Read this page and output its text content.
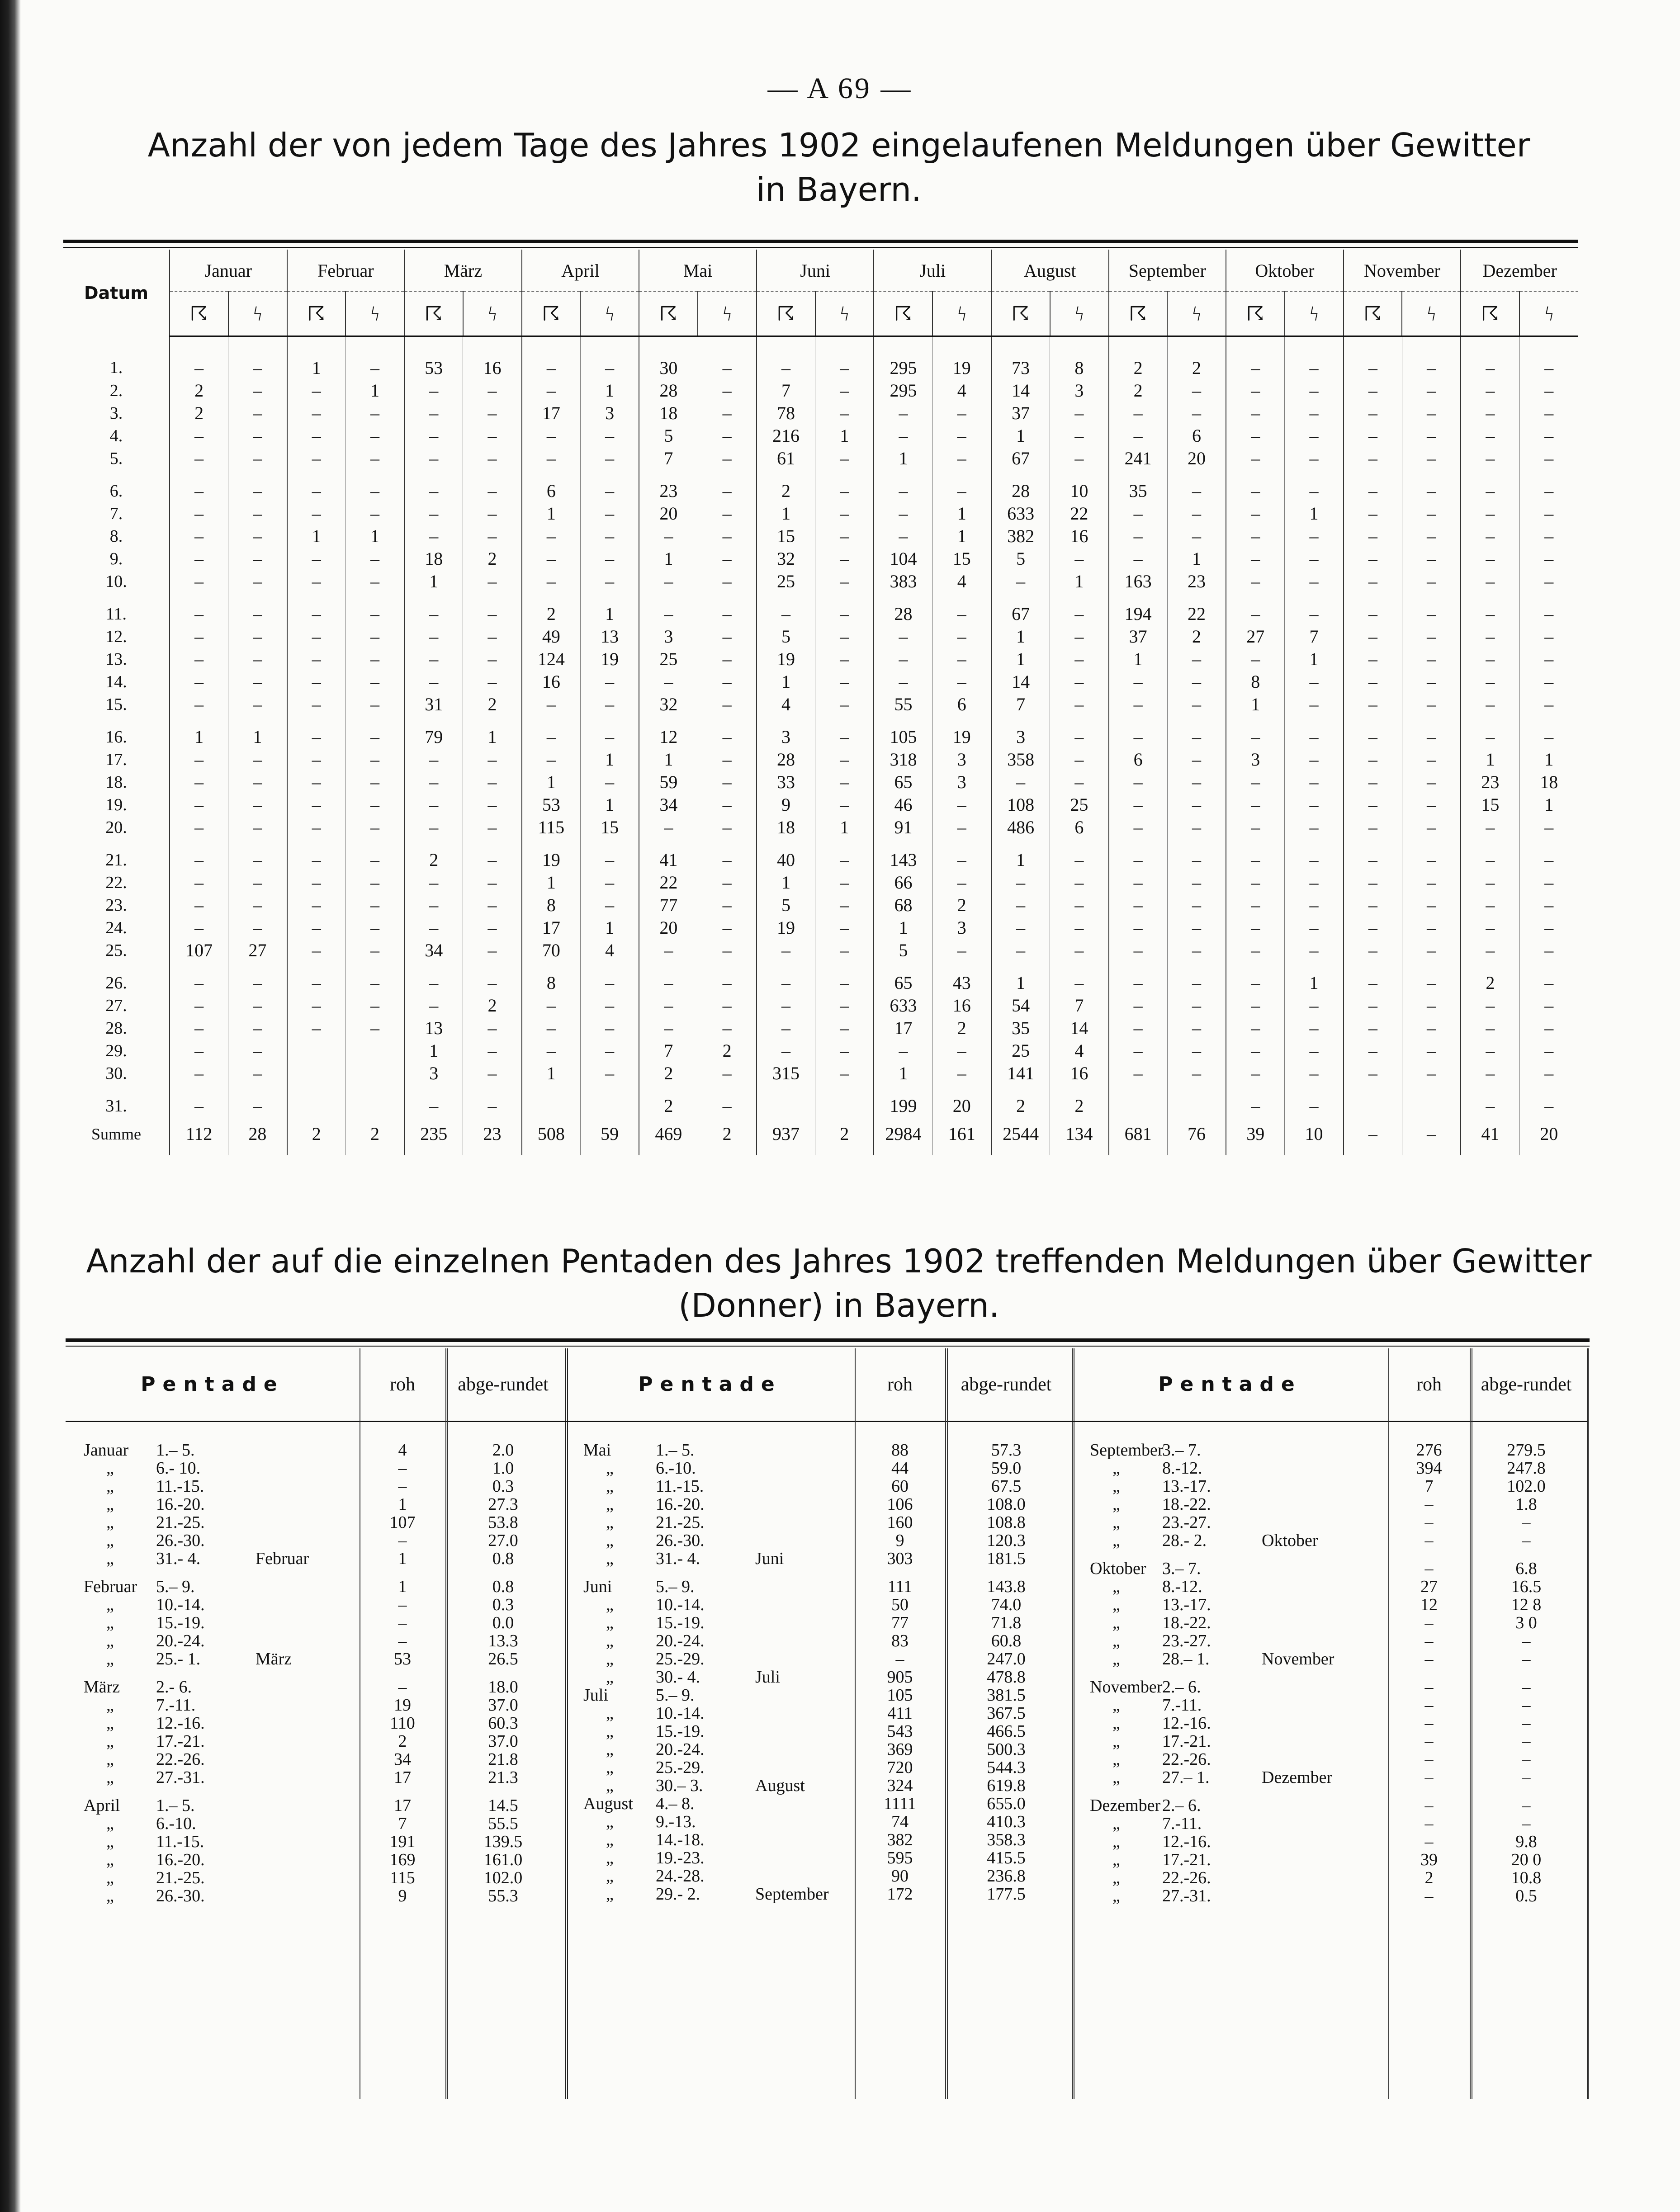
— A 69 —
Anzahl der von jedem Tage des Jahres 1902 eingelaufenen Meldungen über Gewitter
in Bayern.
Datum	Januar		Februar		März		April		Mai		Juni		Juli		August		September		Oktober		November		Dezember	
	☈	ϟ	☈	ϟ	☈	ϟ	☈	ϟ	☈	ϟ	☈	ϟ	☈	ϟ	☈	ϟ	☈	ϟ	☈	ϟ	☈	ϟ	☈	ϟ
1.	–	–	1	–	53	16	–	–	30	–	–	–	295	19	73	8	2	2	–	–	–	–	–	–
2.	2	–	–	1	–	–	–	1	28	–	7	–	295	4	14	3	2	–	–	–	–	–	–	–
3.	2	–	–	–	–	–	17	3	18	–	78	–	–	–	37	–	–	–	–	–	–	–	–	–
4.	–	–	–	–	–	–	–	–	5	–	216	1	–	–	1	–	–	6	–	–	–	–	–	–
5.	–	–	–	–	–	–	–	–	7	–	61	–	1	–	67	–	241	20	–	–	–	–	–	–
6.	–	–	–	–	–	–	6	–	23	–	2	–	–	–	28	10	35	–	–	–	–	–	–	–
7.	–	–	–	–	–	–	1	–	20	–	1	–	–	1	633	22	–	–	–	1	–	–	–	–
8.	–	–	1	1	–	–	–	–	–	–	15	–	–	1	382	16	–	–	–	–	–	–	–	–
9.	–	–	–	–	18	2	–	–	1	–	32	–	104	15	5	–	–	1	–	–	–	–	–	–
10.	–	–	–	–	1	–	–	–	–	–	25	–	383	4	–	1	163	23	–	–	–	–	–	–
11.	–	–	–	–	–	–	2	1	–	–	–	–	28	–	67	–	194	22	–	–	–	–	–	–
12.	–	–	–	–	–	–	49	13	3	–	5	–	–	–	1	–	37	2	27	7	–	–	–	–
13.	–	–	–	–	–	–	124	19	25	–	19	–	–	–	1	–	1	–	–	1	–	–	–	–
14.	–	–	–	–	–	–	16	–	–	–	1	–	–	–	14	–	–	–	8	–	–	–	–	–
15.	–	–	–	–	31	2	–	–	32	–	4	–	55	6	7	–	–	–	1	–	–	–	–	–
16.	1	1	–	–	79	1	–	–	12	–	3	–	105	19	3	–	–	–	–	–	–	–	–	–
17.	–	–	–	–	–	–	–	1	1	–	28	–	318	3	358	–	6	–	3	–	–	–	1	1
18.	–	–	–	–	–	–	1	–	59	–	33	–	65	3	–	–	–	–	–	–	–	–	23	18
19.	–	–	–	–	–	–	53	1	34	–	9	–	46	–	108	25	–	–	–	–	–	–	15	1
20.	–	–	–	–	–	–	115	15	–	–	18	1	91	–	486	6	–	–	–	–	–	–	–	–
21.	–	–	–	–	2	–	19	–	41	–	40	–	143	–	1	–	–	–	–	–	–	–	–	–
22.	–	–	–	–	–	–	1	–	22	–	1	–	66	–	–	–	–	–	–	–	–	–	–	–
23.	–	–	–	–	–	–	8	–	77	–	5	–	68	2	–	–	–	–	–	–	–	–	–	–
24.	–	–	–	–	–	–	17	1	20	–	19	–	1	3	–	–	–	–	–	–	–	–	–	–
25.	107	27	–	–	34	–	70	4	–	–	–	–	5	–	–	–	–	–	–	–	–	–	–	–
26.	–	–	–	–	–	–	8	–	–	–	–	–	65	43	1	–	–	–	–	1	–	–	2	–
27.	–	–	–	–	–	2	–	–	–	–	–	–	633	16	54	7	–	–	–	–	–	–	–	–
28.	–	–	–	–	13	–	–	–	–	–	–	–	17	2	35	14	–	–	–	–	–	–	–	–
29.	–	–			1	–	–	–	7	2	–	–	–	–	25	4	–	–	–	–	–	–	–	–
30.	–	–			3	–	1	–	2	–	315	–	1	–	141	16	–	–	–	–	–	–	–	–
31.	–	–			–	–			2	–			199	20	2	2			–	–			–	–
Summe	112	28	2	2	235	23	508	59	469	2	937	2	2984	161	2544	134	681	76	39	10	–	–	41	20
Anzahl der auf die einzelnen Pentaden des Jahres 1902 treffenden Meldungen über Gewitter
(Donner) in Bayern.
Pentade	roh	abge- rundet
Januar 1.– 5.	4	2.0
„ 6.- 10.	–	1.0
„ 11.-15.	–	0.3
„ 16.-20.	1	27.3
„ 21.-25.	107	53.8
„ 26.-30.	–	27.0
„ 31.- 4.	Februar	1	0.8
Februar 5.– 9.	1	0.8
„ 10.-14.	–	0.3
„ 15.-19.	–	0.0
„ 20.-24.	–	13.3
„ 25.- 1.	März	53	26.5
März 2.- 6.	–	18.0
„ 7.-11.	19	37.0
„ 12.-16.	110	60.3
„ 17.-21.	2	37.0
„ 22.-26.	34	21.8
„ 27.-31.	17	21.3
April 1.– 5.	17	14.5
„ 6.-10.	7	55.5
„ 11.-15.	191	139.5
„ 16.-20.	169	161.0
„ 21.-25.	115	102.0
„ 26.-30.	9	55.3
Pentade	roh	abge- rundet
Mai	1.– 5.	88	57.3
„ 6.-10.	44	59.0
„ 11.-15.	60	67.5
„ 16.-20.	106	108.0
„ 21.-25.	160	108.8
„ 26.-30.	9	120.3
„ 31.- 4.	Juni	303	181.5
Juni	5.– 9.	111	143.8
„ 10.-14.	50	74.0
„ 15.-19.	77	71.8
„ 20.-24.	83	60.8
„ 25.-29.	–	247.0
„ 30.- 4.	Juli	905	478.8
Juli	5.– 9.	105	381.5
„ 10.-14.	411	367.5
„ 15.-19.	543	466.5
„ 20.-24.	369	500.3
„ 25.-29.	720	544.3
„ 30.– 3.	August	324	619.8
August 4.– 8.	1111	655.0
„ 9.-13.	74	410.3
„ 14.-18.	382	358.3
„ 19.-23.	595	415.5
„ 24.-28.	90	236.8
„ 29.- 2.	September	172	177.5
Pentade	roh	abge- rundet
September
3.– 7.	276	279.5
„ 8.-12.	394	247.8
„ 13.-17.	7	102.0
„ 18.-22.	–	1.8
„ 23.-27.	–	–
„ 28.- 2.	Oktober	–	–
Oktober 3.– 7.	–	6.8
„ 8.-12.	27	16.5
„ 13.-17.	12	12 8
„ 18.-22.	–	3 0
„ 23.-27.	–	–
„ 28.– 1.	November	–	–
November 2.– 6.	–	–
„ 7.-11.	–	–
„ 12.-16.	–	–
„ 17.-21.	–	–
„ 22.-26.	–	–
„ 27.– 1.	Dezember	–	–
Dezember 2.– 6.	–	–
„ 7.-11.	–	–
„ 12.-16.	–	9.8
„ 17.-21.	39	20 0
„ 22.-26.	2	10.8
„ 27.-31.	–	0.5
